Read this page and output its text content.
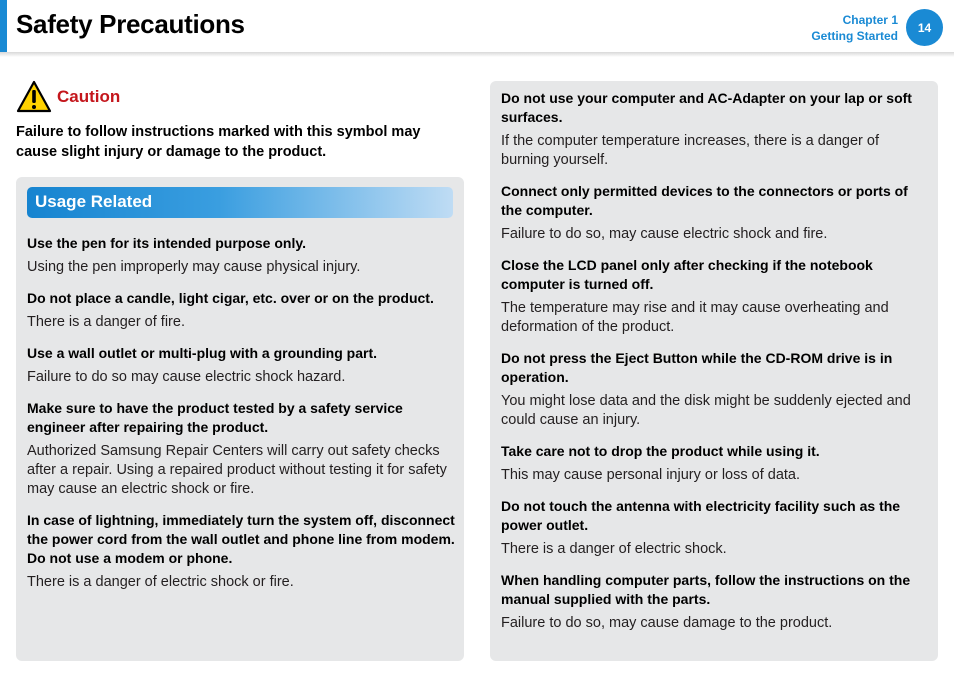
Safety Precautions	Chapter 1
Getting Started
14
Caution
Failure to follow instructions marked with this symbol may cause slight injury or damage to the product.
Usage Related
Use the pen for its intended purpose only.
Using the pen improperly may cause physical injury.
Do not place a candle, light cigar, etc. over or on the product.
There is a danger of fire.
Use a wall outlet or multi-plug with a grounding part.
Failure to do so may cause electric shock hazard.
Make sure to have the product tested by a safety service engineer after repairing the product.
Authorized Samsung Repair Centers will carry out safety checks after a repair. Using a repaired product without testing it for safety may cause an electric shock or fire.
In case of lightning, immediately turn the system off, disconnect the power cord from the wall outlet and phone line from modem. Do not use a modem or phone.
There is a danger of electric shock or fire.
Do not use your computer and AC-Adapter on your lap or soft surfaces.
If the computer temperature increases, there is a danger of burning yourself.
Connect only permitted devices to the connectors or ports of the computer.
Failure to do so, may cause electric shock and fire.
Close the LCD panel only after checking if the notebook computer is turned off.
The temperature may rise and it may cause overheating and deformation of the product.
Do not press the Eject Button while the CD-ROM drive is in operation.
You might lose data and the disk might be suddenly ejected and could cause an injury.
Take care not to drop the product while using it.
This may cause personal injury or loss of data.
Do not touch the antenna with electricity facility such as the power outlet.
There is a danger of electric shock.
When handling computer parts, follow the instructions on the manual supplied with the parts.
Failure to do so, may cause damage to the product.
